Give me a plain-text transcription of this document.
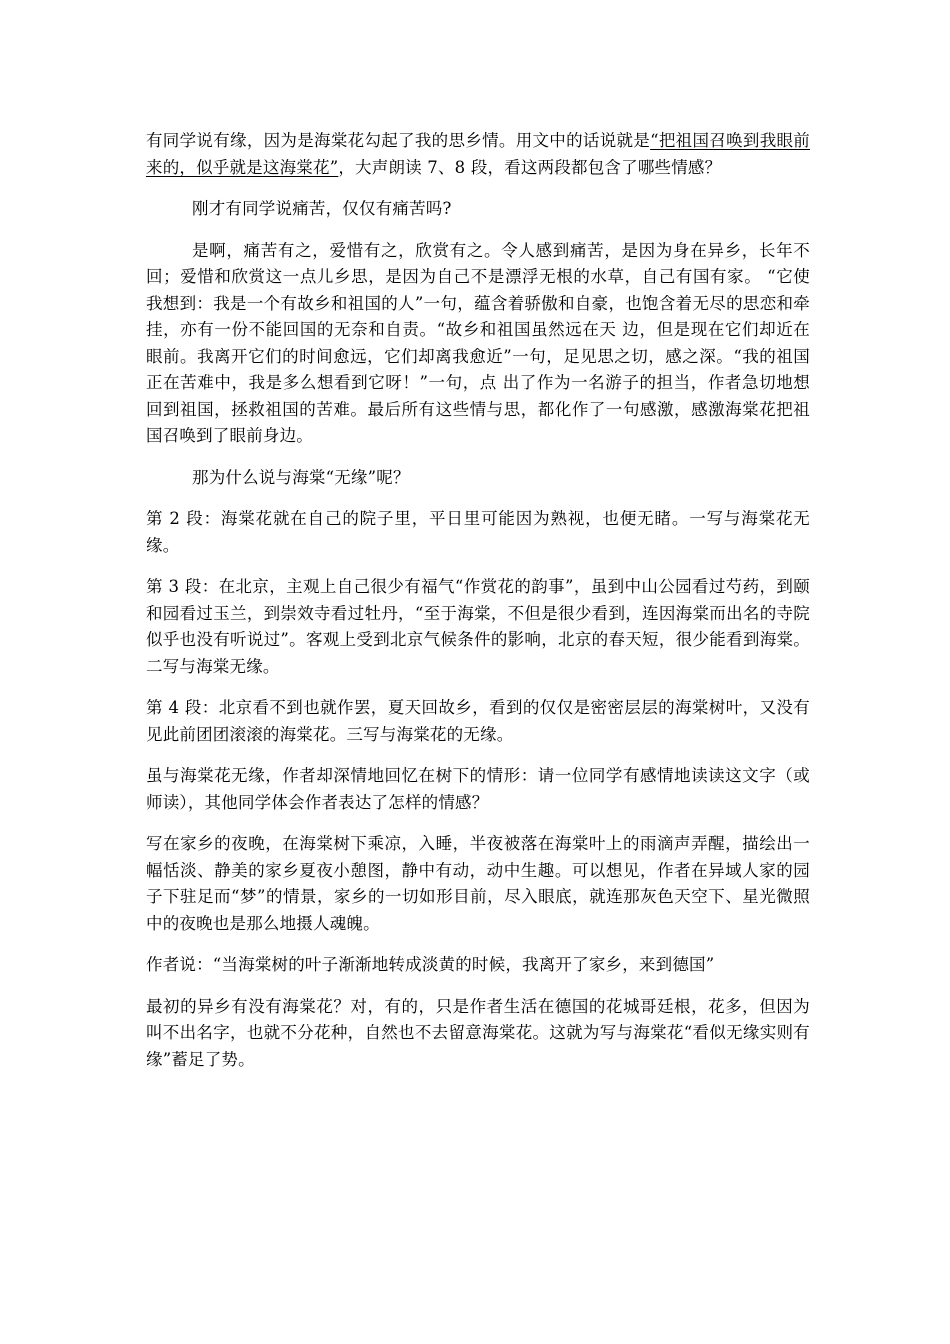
有同学说有缘，因为是海棠花勾起了我的思乡情。用文中的话说就是“把祖国召唤到我眼前来的，似乎就是这海棠花”，大声朗读 7、8 段，看这两段都包含了哪些情感？

刚才有同学说痛苦，仅仅有痛苦吗?

是啊，痛苦有之，爱惜有之，欣赏有之。令人感到痛苦，是因为身在异乡，长年不回；爱惜和欣赏这一点儿乡思，是因为自己不是漂浮无根的水草，自己有国有家。 “它使我想到：我是一个有故乡和祖国的人”一句，蕴含着骄傲和自豪，也饱含着无尽的思恋和牵挂，亦有一份不能回国的无奈和自责。“故乡和祖国虽然远在天 边，但是现在它们却近在眼前。我离开它们的时间愈远，它们却离我愈近”一句，足见思之切，感之深。“我的祖国正在苦难中，我是多么想看到它呀！”一句，点 出了作为一名游子的担当，作者急切地想回到祖国，拯救祖国的苦难。最后所有这些情与思，都化作了一句感激，感激海棠花把祖国召唤到了眼前身边。

那为什么说与海棠“无缘”呢？

第 2 段：海棠花就在自己的院子里，平日里可能因为熟视，也便无睹。一写与海棠花无缘。

第 3 段：在北京，主观上自己很少有福气“作赏花的韵事”，虽到中山公园看过芍药，到颐和园看过玉兰，到崇效寺看过牡丹，“至于海棠，不但是很少看到，连因海棠而出名的寺院似乎也没有听说过”。客观上受到北京气候条件的影响，北京的春天短，很少能看到海棠。二写与海棠无缘。

第 4 段：北京看不到也就作罢，夏天回故乡，看到的仅仅是密密层层的海棠树叶，又没有见此前团团滚滚的海棠花。三写与海棠花的无缘。

虽与海棠花无缘，作者却深情地回忆在树下的情形：请一位同学有感情地读读这文字（或师读），其他同学体会作者表达了怎样的情感？

写在家乡的夜晚，在海棠树下乘凉，入睡，半夜被落在海棠叶上的雨滴声弄醒，描绘出一幅恬淡、静美的家乡夏夜小憩图，静中有动，动中生趣。可以想见，作者在异域人家的园子下驻足而“梦”的情景，家乡的一切如形目前，尽入眼底，就连那灰色天空下、星光微照中的夜晚也是那么地摄人魂魄。

作者说：“当海棠树的叶子渐渐地转成淡黄的时候，我离开了家乡，来到德国”

最初的异乡有没有海棠花？对，有的，只是作者生活在德国的花城哥廷根，花多，但因为叫不出名字，也就不分花种，自然也不去留意海棠花。这就为写与海棠花“看似无缘实则有缘”蓄足了势。
